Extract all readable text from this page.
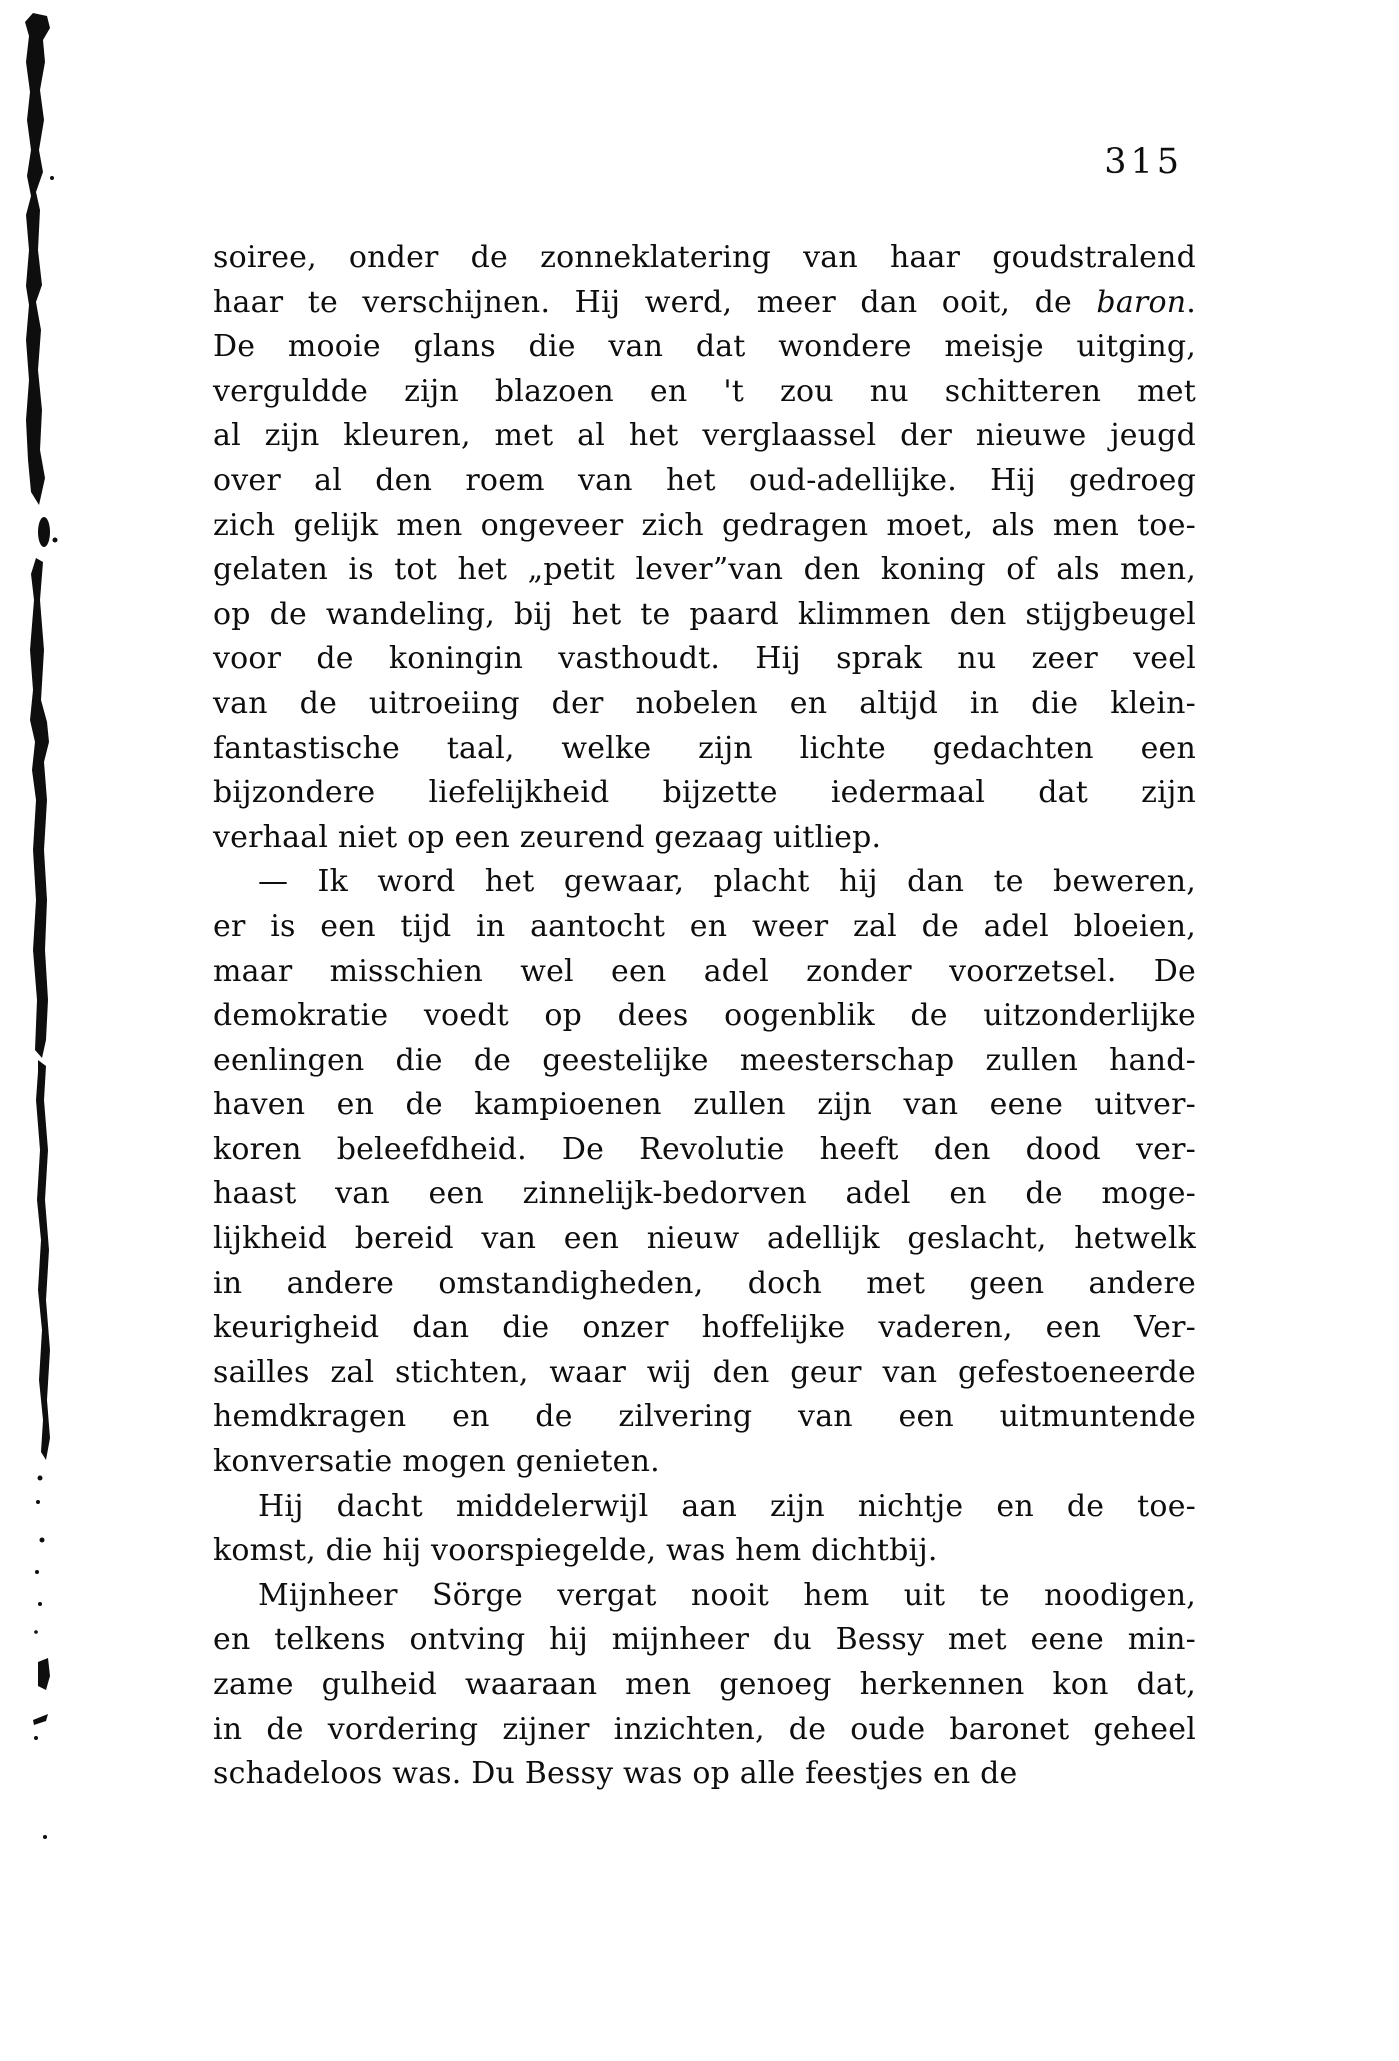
315

soiree, onder de zonneklatering van haar goudstralend

haar te verschijnen. Hij werd, meer dan ooit, de baron.

De mooie glans die van dat wondere meisje uitging,

verguldde zijn blazoen en 't zou nu schitteren met

al zijn kleuren, met al het verglaassel der nieuwe jeugd

over al den roem van het oud-adellijke. Hij gedroeg

zich gelijk men ongeveer zich gedragen moet, als men toe-

gelaten is tot het „petit lever”van den koning of als men,

op de wandeling, bij het te paard klimmen den stijgbeugel

voor de koningin vasthoudt. Hij sprak nu zeer veel

van de uitroeiing der nobelen en altijd in die klein-

fantastische taal, welke zijn lichte gedachten een

bijzondere liefelijkheid bijzette iedermaal dat zijn

verhaal niet op een zeurend gezaag uitliep.

— Ik word het gewaar, placht hij dan te beweren,

er is een tijd in aantocht en weer zal de adel bloeien,

maar misschien wel een adel zonder voorzetsel. De

demokratie voedt op dees oogenblik de uitzonderlijke

eenlingen die de geestelijke meesterschap zullen hand-

haven en de kampioenen zullen zijn van eene uitver-

koren beleefdheid. De Revolutie heeft den dood ver-

haast van een zinnelijk-bedorven adel en de moge-

lijkheid bereid van een nieuw adellijk geslacht, hetwelk

in andere omstandigheden, doch met geen andere

keurigheid dan die onzer hoffelijke vaderen, een Ver-

sailles zal stichten, waar wij den geur van gefestoeneerde

hemdkragen en de zilvering van een uitmuntende

konversatie mogen genieten.

Hij dacht middelerwijl aan zijn nichtje en de toe-

komst, die hij voorspiegelde, was hem dichtbij.

Mijnheer Sörge vergat nooit hem uit te noodigen,

en telkens ontving hij mijnheer du Bessy met eene min-

zame gulheid waaraan men genoeg herkennen kon dat,

in de vordering zijner inzichten, de oude baronet geheel

schadeloos was. Du Bessy was op alle feestjes en de
